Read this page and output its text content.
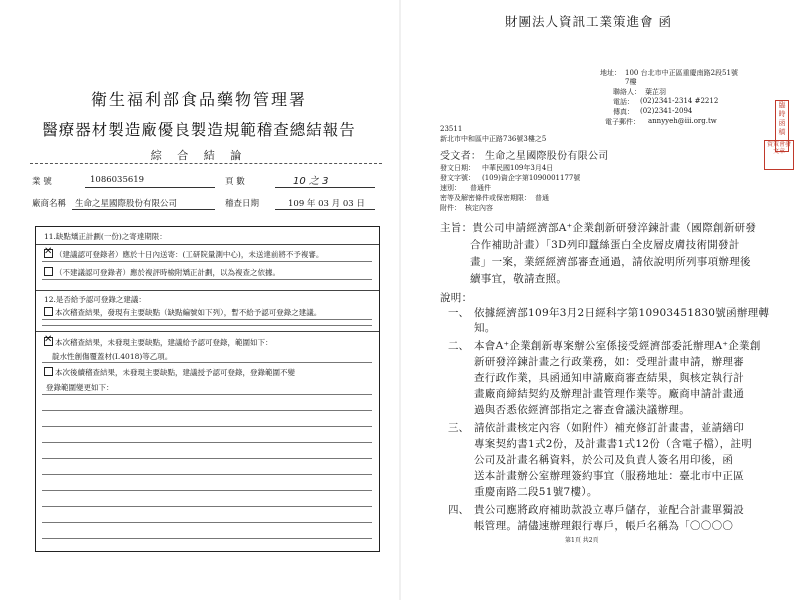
衛生福利部食品藥物管理署
醫療器材製造廠優良製造規範稽查總結報告
綜 合 結 論
業 號	1086035619	頁 數	10 之 3
廠商名稱 生命之星國際股份有限公司	稽查日期	109 年 03 月 03 日
11.缺點矯正計劃(一份)之寄達期限：
✕ （建議認可登錄者）應於十日內送寄：(工研院量測中心)，未送達前將不予複審。
（不建議認可登錄者）應於複評時檢附矯正計劃，以為複查之依據。
12.是否給予認可登錄之建議：
本次稽查結果，發現有主要缺點（缺點編號如下列），暫不給予認可登錄之建議。
✕ 本次稽查結果，未發現主要缺點，建議給予認可登錄，範圍如下：
靛水性創傷覆蓋材(I.4018)等乙項。
本次後續稽查結果，未發現主要缺點，建議授予認可登錄，登錄範圍不變
登錄範圍變更如下：
財團法人資訊工業策進會 函
地址： 100 台北市中正區重慶南路2段51號
7樓
聯絡人： 葉芷羽
電話： (02)2341-2314 #2212
傳真： (02)2341-2094
電子郵件： annyyeh@iii.org.tw
臨時函稿
資策會發文章
23511
新北市中和區中正路736號3樓之5
受文者： 生命之星國際股份有限公司
發文日期： 中華民國109年3月4日
發文字號： (109)資企字第1090001177號
速別： 普通件
密等及解密條件或保密期限： 普通
附件： 核定內容
主旨：貴公司申請經濟部A⁺企業創新研發淬鍊計畫（國際創新研發
合作補助計畫）「3D列印蠶絲蛋白全皮層皮膚技術開發計
畫」一案，業經經濟部審查通過，請依說明所列事項辦理後
續事宜，敬請查照。
說明：
一、 依據經濟部109年3月2日經科字第10903451830號函辦理轉
知。
二、 本會A⁺企業創新專案辦公室係接受經濟部委託辦理A⁺企業創
新研發淬鍊計畫之行政業務，如：受理計畫申請，辦理審
查行政作業，具函通知申請廠商審查結果，與核定執行計
畫廠商締結契約及辦理計畫管理作業等。廠商申請計畫通
過與否悉依經濟部指定之審查會議決議辦理。
三、 請依計畫核定內容（如附件）補充修訂計畫書，並請繕印
專案契約書1式2份，及計畫書1式12份（含電子檔），註明
公司及計畫名稱資料，於公司及負責人簽名用印後，函
送本計畫辦公室辦理簽約事宜（服務地址：臺北市中正區
重慶南路二段51號7樓）。
四、 貴公司應將政府補助款設立專戶儲存，並配合計畫單獨設
帳管理。請儘速辦理銀行專戶，帳戶名稱為「〇〇〇〇
第1頁 共2頁
